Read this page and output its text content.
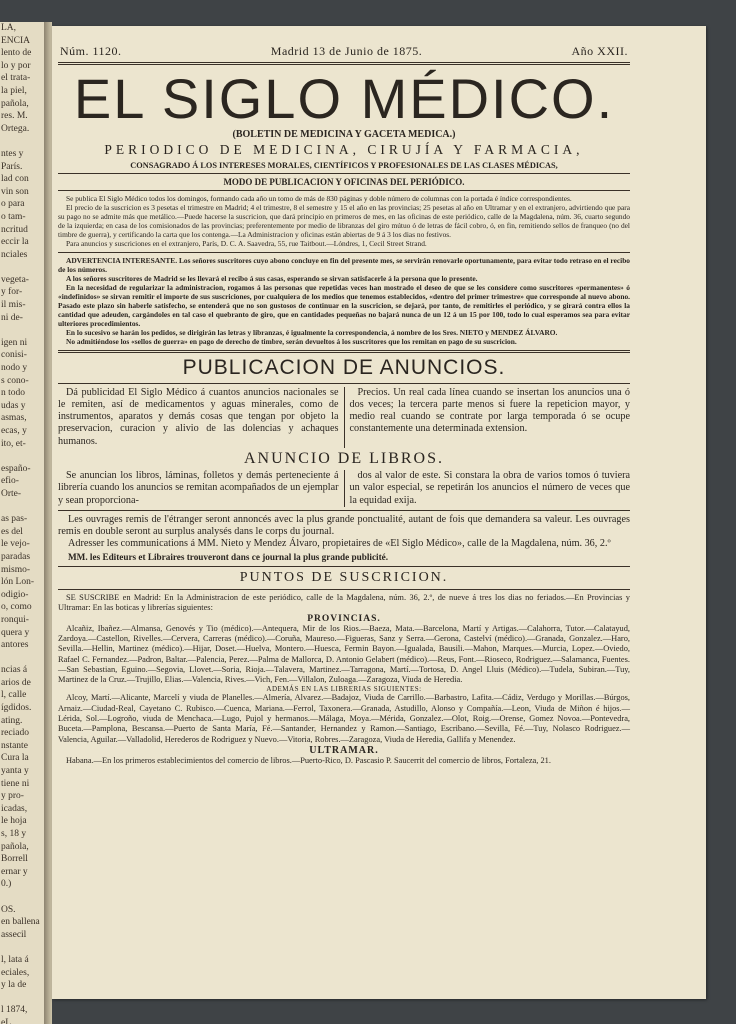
LA,
ENCIA
lento de
lo y por
el trata-
la piel,
pañola,
res. M.
Ortega.

ntes y
París.
lad con
vin son
o para
o tam-
ncritud
eccir la
nciales

vegeta-
y for-
il mis-
ni de-

igen ni
conisi-
nodo y
s cono-
n todo
udas y
asmas,
ecas, y
ito, et-

españo-
efio-
Orte-

as pas-
es del
le vejo-
paradas
mismo-
lón Lon-
odigio-
o, como
ronqui-
quera y
antores

ncias á
arios de
l, calle
ígdidos.
ating.
reciado
nstante
Cura la
yanta y
tiene ni
y pro-
icadas,
le hoja
s, 18 y
pañola,
Borrell
ernar y
0.)

OS.
en ballena
assecil

l, lata á
eciales,
y la de

l 1874,
eL
Núm. 1120.	Madrid 13 de Junio de 1875.	Año XXII.
EL SIGLO MÉDICO.
(BOLETIN DE MEDICINA Y GACETA MEDICA.)
PERIODICO DE MEDICINA, CIRUJÍA Y FARMACIA,
CONSAGRADO Á LOS INTERESES MORALES, CIENTÍFICOS Y PROFESIONALES DE LAS CLASES MÉDICAS,
MODO DE PUBLICACION Y OFICINAS DEL PERIÓDICO.

Se publica El Siglo Médico todos los domingos, formando cada año un tomo de más de 830 páginas y doble número de columnas con la portada é índice correspondientes.

El precio de la suscricion es 3 pesetas el trimestre en Madrid; 4 el trimestre, 8 el semestre y 15 el año en las provincias; 25 pesetas al año en Ultramar y en el extranjero, advirtiendo que para su pago no se admite más que metálico.—Puede hacerse la suscricion, que dará principio en primeros de mes, en las oficinas de este periódico, calle de la Magdalena, núm. 36, cuarto segundo de la izquierda; en casa de los comisionados de las provincias; preferentemente por medio de libranzas del giro mútuo ó de letras de fácil cobro, ó, en fin, remitiendo sellos de franqueo (no del timbre de guerra), y certificando la carta que los contenga.—La Administracion y oficinas están abiertas de 9 á 3 los dias no festivos.

Para anuncios y suscriciones en el extranjero, París, D. C. A. Saavedra, 55, rue Taitbout.—Lóndres, 1, Cecil Street Strand.

ADVERTENCIA INTERESANTE. Los señores suscritores cuyo abono concluye en fin del presente mes, se servirán renovarle oportunamente, para evitar todo retraso en el recibo de los números.

A los señores suscritores de Madrid se les llevará el recibo á sus casas, esperando se sirvan satisfacerle á la persona que lo presente.

En la necesidad de regularizar la administracion, rogamos á las personas que repetidas veces han mostrado el deseo de que se les considere como suscritores «permanentes» ó «indefinidos» se sirvan remitir el importe de sus suscriciones, por cualquiera de los medios que tenemos establecidos, «dentro del primer trimestre» que corresponde al nuevo abono. Pasado este plazo sin haberle satisfecho, se entenderá que no son gustosos de continuar en la suscricion, se dejará, por tanto, de remitirles el periódico, y se girará contra ellos la cantidad que adeuden, cargándoles en tal caso el quebranto de giro, que en cantidades pequeñas no bajará nunca de un 12 á un 15 por 100, todo lo cual esperamos sea para evitar ulteriores procedimientos.

En lo sucesivo se harán los pedidos, se dirigirán las letras y libranzas, é igualmente la correspondencia, á nombre de los Sres. NIETO y MENDEZ ÁLVARO.

No admitiéndose los «sellos de guerra» en pago de derecho de timbre, serán devueltos á los suscritores que los remitan en pago de su suscricion.

PUBLICACION DE ANUNCIOS.

Dá publicidad El Siglo Médico á cuantos anuncios nacionales se le remiten, así de medicamentos y aguas minerales, como de instrumentos, aparatos y demás cosas que tengan por objeto la preservacion, curacion y alivio de las dolencias y achaques humanos.

Precios. Un real cada línea cuando se insertan los anuncios una ó dos veces; la tercera parte menos si fuere la repeticion mayor, y medio real cuando se contrate por larga temporada ó se ocupe constantemente una determinada extension.

ANUNCIO DE LIBROS.

Se anuncian los libros, láminas, folletos y demás perteneciente á librería cuando los anuncios se remitan acompañados de un ejemplar y sean proporciona-

dos al valor de este. Si constara la obra de varios tomos ó tuviera un valor especial, se repetirán los anuncios el número de veces que la equidad exija.

Les ouvrages remis de l'étranger seront annoncés avec la plus grande ponctualité, autant de fois que demandera sa valeur. Les ouvrages remis en double seront au surplus analysés dans le corps du journal.

Adresser les communications á MM. Nieto y Mendez Álvaro, propietaires de «El Siglo Médico», calle de la Magdalena, núm. 36, 2.º

MM. les Editeurs et Libraires trouveront dans ce journal la plus grande publicité.

PUNTOS DE SUSCRICION.

SE SUSCRIBE en Madrid: En la Administracion de este periódico, calle de la Magdalena, núm. 36, 2.º, de nueve á tres los dias no feriados.—En Provincias y Ultramar: En las boticas y librerías siguientes:

PROVINCIAS.

Alcañiz, Ibañez.—Almansa, Genovés y Tio (médico).—Antequera, Mir de los Rios.—Baeza, Mata.—Barcelona, Martí y Artigas.—Calahorra, Tutor.—Calatayud, Zardoya.—Castellon, Rivelles.—Cervera, Carreras (médico).—Coruña, Maureso.—Figueras, Sanz y Serra.—Gerona, Castelví (médico).—Granada, Gonzalez.—Haro, Sevilla.—Hellin, Martinez (médico).—Hijar, Doset.—Huelva, Montero.—Huesca, Fermin Bayon.—Igualada, Bausili.—Mahon, Marques.—Murcia, Lopez.—Oviedo, Rafael C. Fernandez.—Padron, Baltar.—Palencia, Perez.—Palma de Mallorca, D. Antonio Gelabert (médico).—Reus, Font.—Rioseco, Rodriguez.—Salamanca, Fuentes.—San Sebastian, Eguino.—Segovia, Llovet.—Soria, Rioja.—Talavera, Martinez.—Tarragona, Martí.—Tortosa, D. Angel Lluis (Médico).—Tudela, Subiran.—Tuy, Martinez de la Cruz.—Trujillo, Elias.—Valencia, Rives.—Vich, Fen.—Villalon, Zuloaga.—Zaragoza, Viuda de Heredia.

ADEMÁS EN LAS LIBRERIAS SIGUIENTES:

Alcoy, Martí.—Alicante, Marcelí y viuda de Planelles.—Almería, Alvarez.—Badajoz, Viuda de Carrillo.—Barbastro, Lafita.—Cádiz, Verdugo y Morillas.—Búrgos, Arnaiz.—Ciudad-Real, Cayetano C. Rubisco.—Cuenca, Mariana.—Ferrol, Taxonera.—Granada, Astudillo, Alonso y Compañía.—Leon, Viuda de Miñon é hijos.—Lérida, Sol.—Logroño, viuda de Menchaca.—Lugo, Pujol y hermanos.—Málaga, Moya.—Mérida, Gonzalez.—Olot, Roig.—Orense, Gomez Novoa.—Pontevedra, Buceta.—Pamplona, Bescansa.—Puerto de Santa María, Fé.—Santander, Hernandez y Ramon.—Santiago, Escribano.—Sevilla, Fé.—Tuy, Nolasco Rodriguez.—Valencia, Aguilar.—Valladolid, Herederos de Rodriguez y Nuevo.—Vitoria, Robres.—Zaragoza, Viuda de Heredia, Gallifa y Menendez.

ULTRAMAR.

Habana.—En los primeros establecimientos del comercio de libros.—Puerto-Rico, D. Pascasio P. Saucerrit del comercio de libros, Fortaleza, 21.
